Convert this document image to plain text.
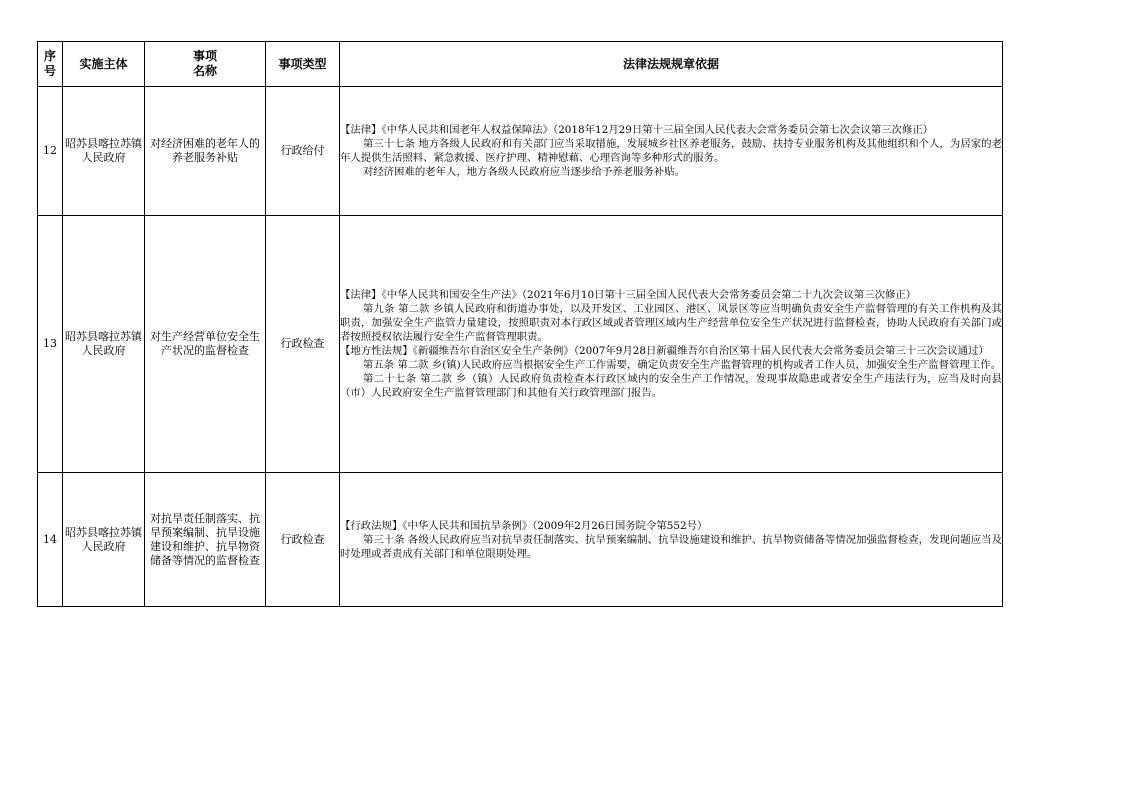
序号	实施主体	事项名称	事项类型	法律法规规章依据
12	昭苏县喀拉苏镇人民政府	对经济困难的老年人的养老服务补贴	行政给付	【法律】《中华人民共和国老年人权益保障法》（2018年12月29日第十三届全国人民代表大会常务委员会第七次会议第三次修正）

第三十七条 地方各级人民政府和有关部门应当采取措施，发展城乡社区养老服务，鼓励、扶持专业服务机构及其他组织和个人，为居家的老年人提供生活照料、紧急救援、医疗护理、精神慰藉、心理咨询等多种形式的服务。

对经济困难的老年人，地方各级人民政府应当逐步给予养老服务补贴。

13	昭苏县喀拉苏镇人民政府	对生产经营单位安全生产状况的监督检查	行政检查	【法律】《中华人民共和国安全生产法》（2021年6月10日第十三届全国人民代表大会常务委员会第二十九次会议第三次修正）

第九条 第二款 乡镇人民政府和街道办事处，以及开发区、工业园区、港区、风景区等应当明确负责安全生产监督管理的有关工作机构及其职责，加强安全生产监管力量建设，按照职责对本行政区域或者管理区域内生产经营单位安全生产状况进行监督检查，协助人民政府有关部门或者按照授权依法履行安全生产监督管理职责。

【地方性法规】《新疆维吾尔自治区安全生产条例》（2007年9月28日新疆维吾尔自治区第十届人民代表大会常务委员会第三十三次会议通过）

第五条 第二款 乡(镇)人民政府应当根据安全生产工作需要，确定负责安全生产监督管理的机构或者工作人员，加强安全生产监督管理工作。

第二十七条 第二款 乡（镇）人民政府负责检查本行政区域内的安全生产工作情况，发现事故隐患或者安全生产违法行为，应当及时向县（市）人民政府安全生产监督管理部门和其他有关行政管理部门报告。

14	昭苏县喀拉苏镇人民政府	对抗旱责任制落实、抗旱预案编制、抗旱设施建设和维护、抗旱物资储备等情况的监督检查	行政检查	【行政法规】《中华人民共和国抗旱条例》（2009年2月26日国务院令第552号）

第三十条 各级人民政府应当对抗旱责任制落实、抗旱预案编制、抗旱设施建设和维护、抗旱物资储备等情况加强监督检查，发现问题应当及时处理或者责成有关部门和单位限期处理。
